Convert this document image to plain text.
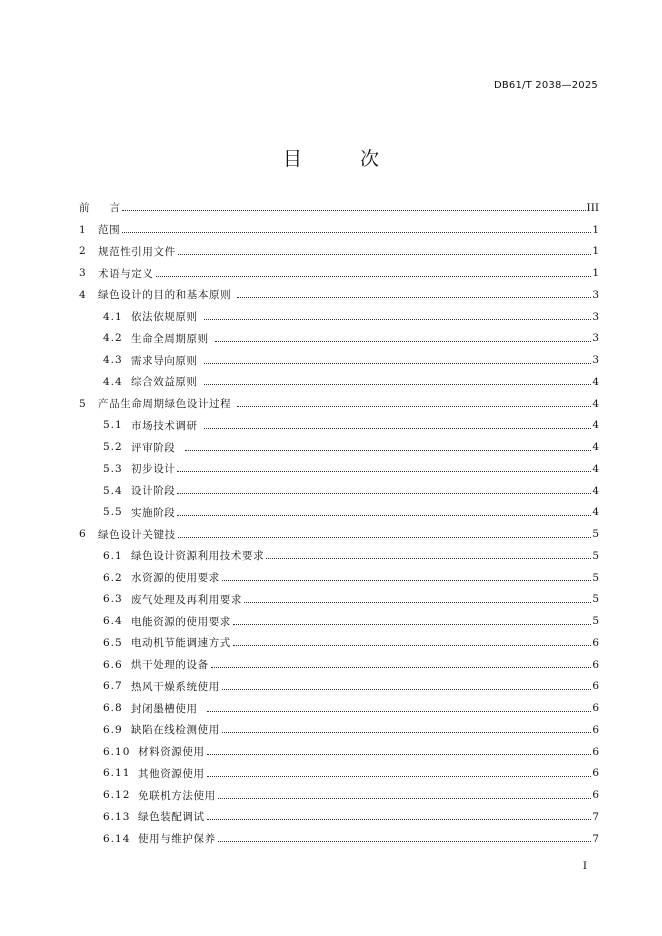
DB61/T 2038—2025
目 次
前      言	III
1	范围	1
2	规范性引用文件	1
3	术语与定义	1
4	绿色设计的目的和基本原则	3
4.1 依法依规原则	3
4.2 生命全周期原则	3
4.3 需求导向原则	3
4.4 综合效益原则	4
5	产品生命周期绿色设计过程	4
5.1 市场技术调研	4
5.2 评审阶段	4
5.3 初步设计	4
5.4 设计阶段	4
5.5 实施阶段	4
6	绿色设计关键技	5
6.1 绿色设计资源利用技术要求	5
6.2 水资源的使用要求	5
6.3 废气处理及再利用要求	5
6.4 电能资源的使用要求	5
6.5 电动机节能调速方式	6
6.6 烘干处理的设备	6
6.7 热风干燥系统使用	6
6.8 封闭墨槽使用	6
6.9 缺陷在线检测使用	6
6.10 材料资源使用	6
6.11 其他资源使用	6
6.12 免联机方法使用	6
6.13 绿色装配调试	7
6.14 使用与维护保养	7
I
